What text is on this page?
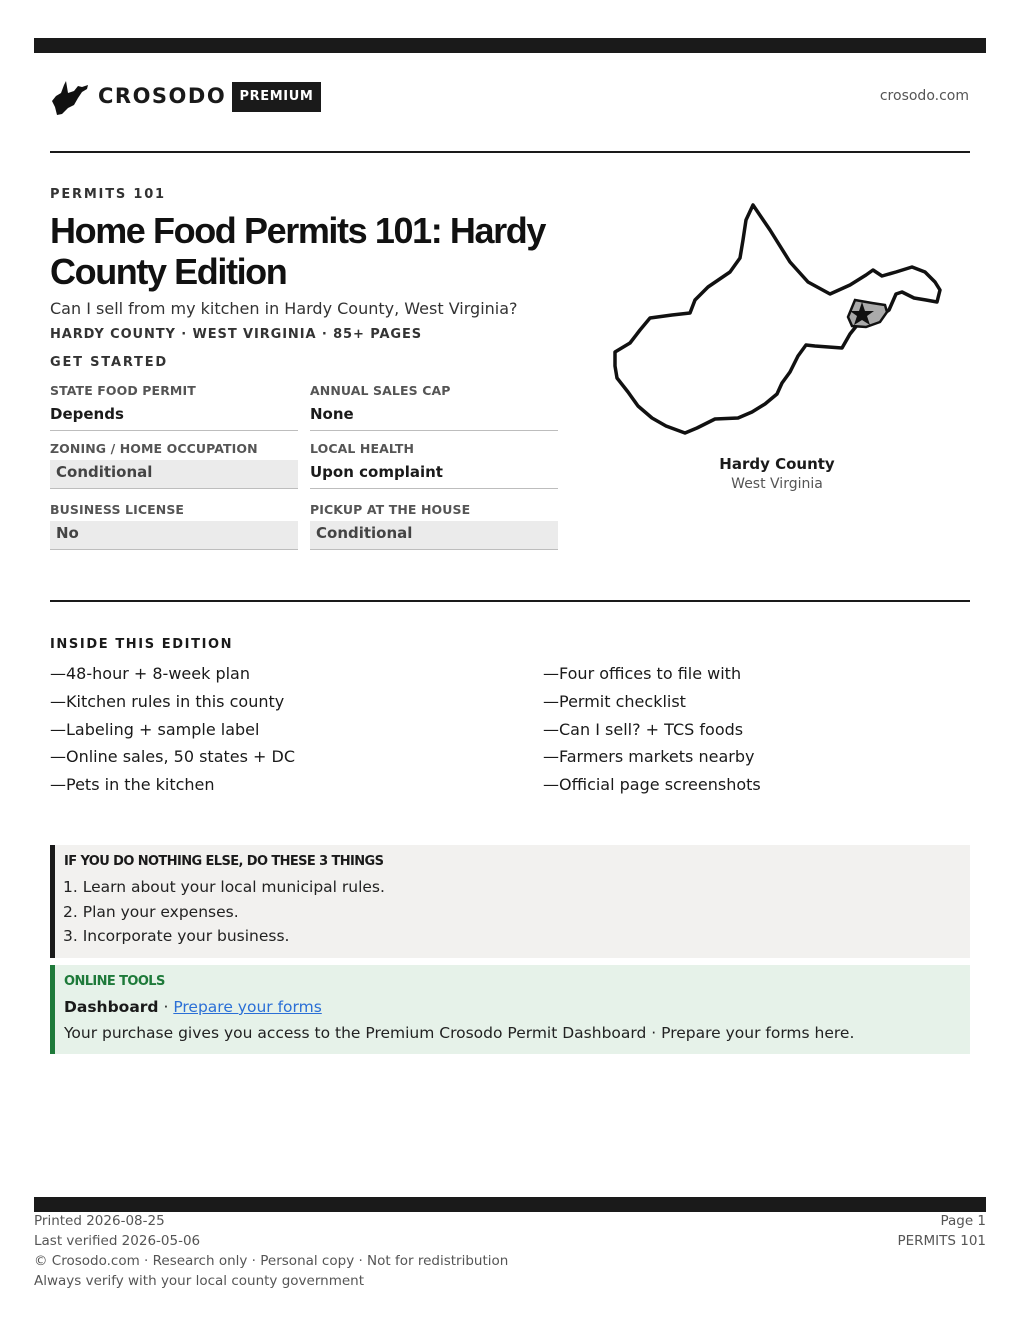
CROSODO	PREMIUM	crosodo.com
PERMITS 101
Home Food Permits 101: Hardy County Edition
Can I sell from my kitchen in Hardy County, West Virginia?
HARDY COUNTY · WEST VIRGINIA · 85+ PAGES
GET STARTED
STATE FOOD PERMIT
Depends
ANNUAL SALES CAP
None
ZONING / HOME OCCUPATION
Conditional
LOCAL HEALTH
Upon complaint
BUSINESS LICENSE
No
PICKUP AT THE HOUSE
Conditional
Hardy County
West Virginia
INSIDE THIS EDITION
—48-hour + 8-week plan
—Kitchen rules in this county
—Labeling + sample label
—Online sales, 50 states + DC
—Pets in the kitchen
—Four offices to file with
—Permit checklist
—Can I sell? + TCS foods
—Farmers markets nearby
—Official page screenshots
IF YOU DO NOTHING ELSE, DO THESE 3 THINGS
1. Learn about your local municipal rules.
2. Plan your expenses.
3. Incorporate your business.
ONLINE TOOLS
Dashboard · Prepare your forms
Your purchase gives you access to the Premium Crosodo Permit Dashboard · Prepare your forms here.
Printed 2026-08-25
Last verified 2026-05-06
© Crosodo.com · Research only · Personal copy · Not for redistribution
Always verify with your local county government
Page 1
PERMITS 101
